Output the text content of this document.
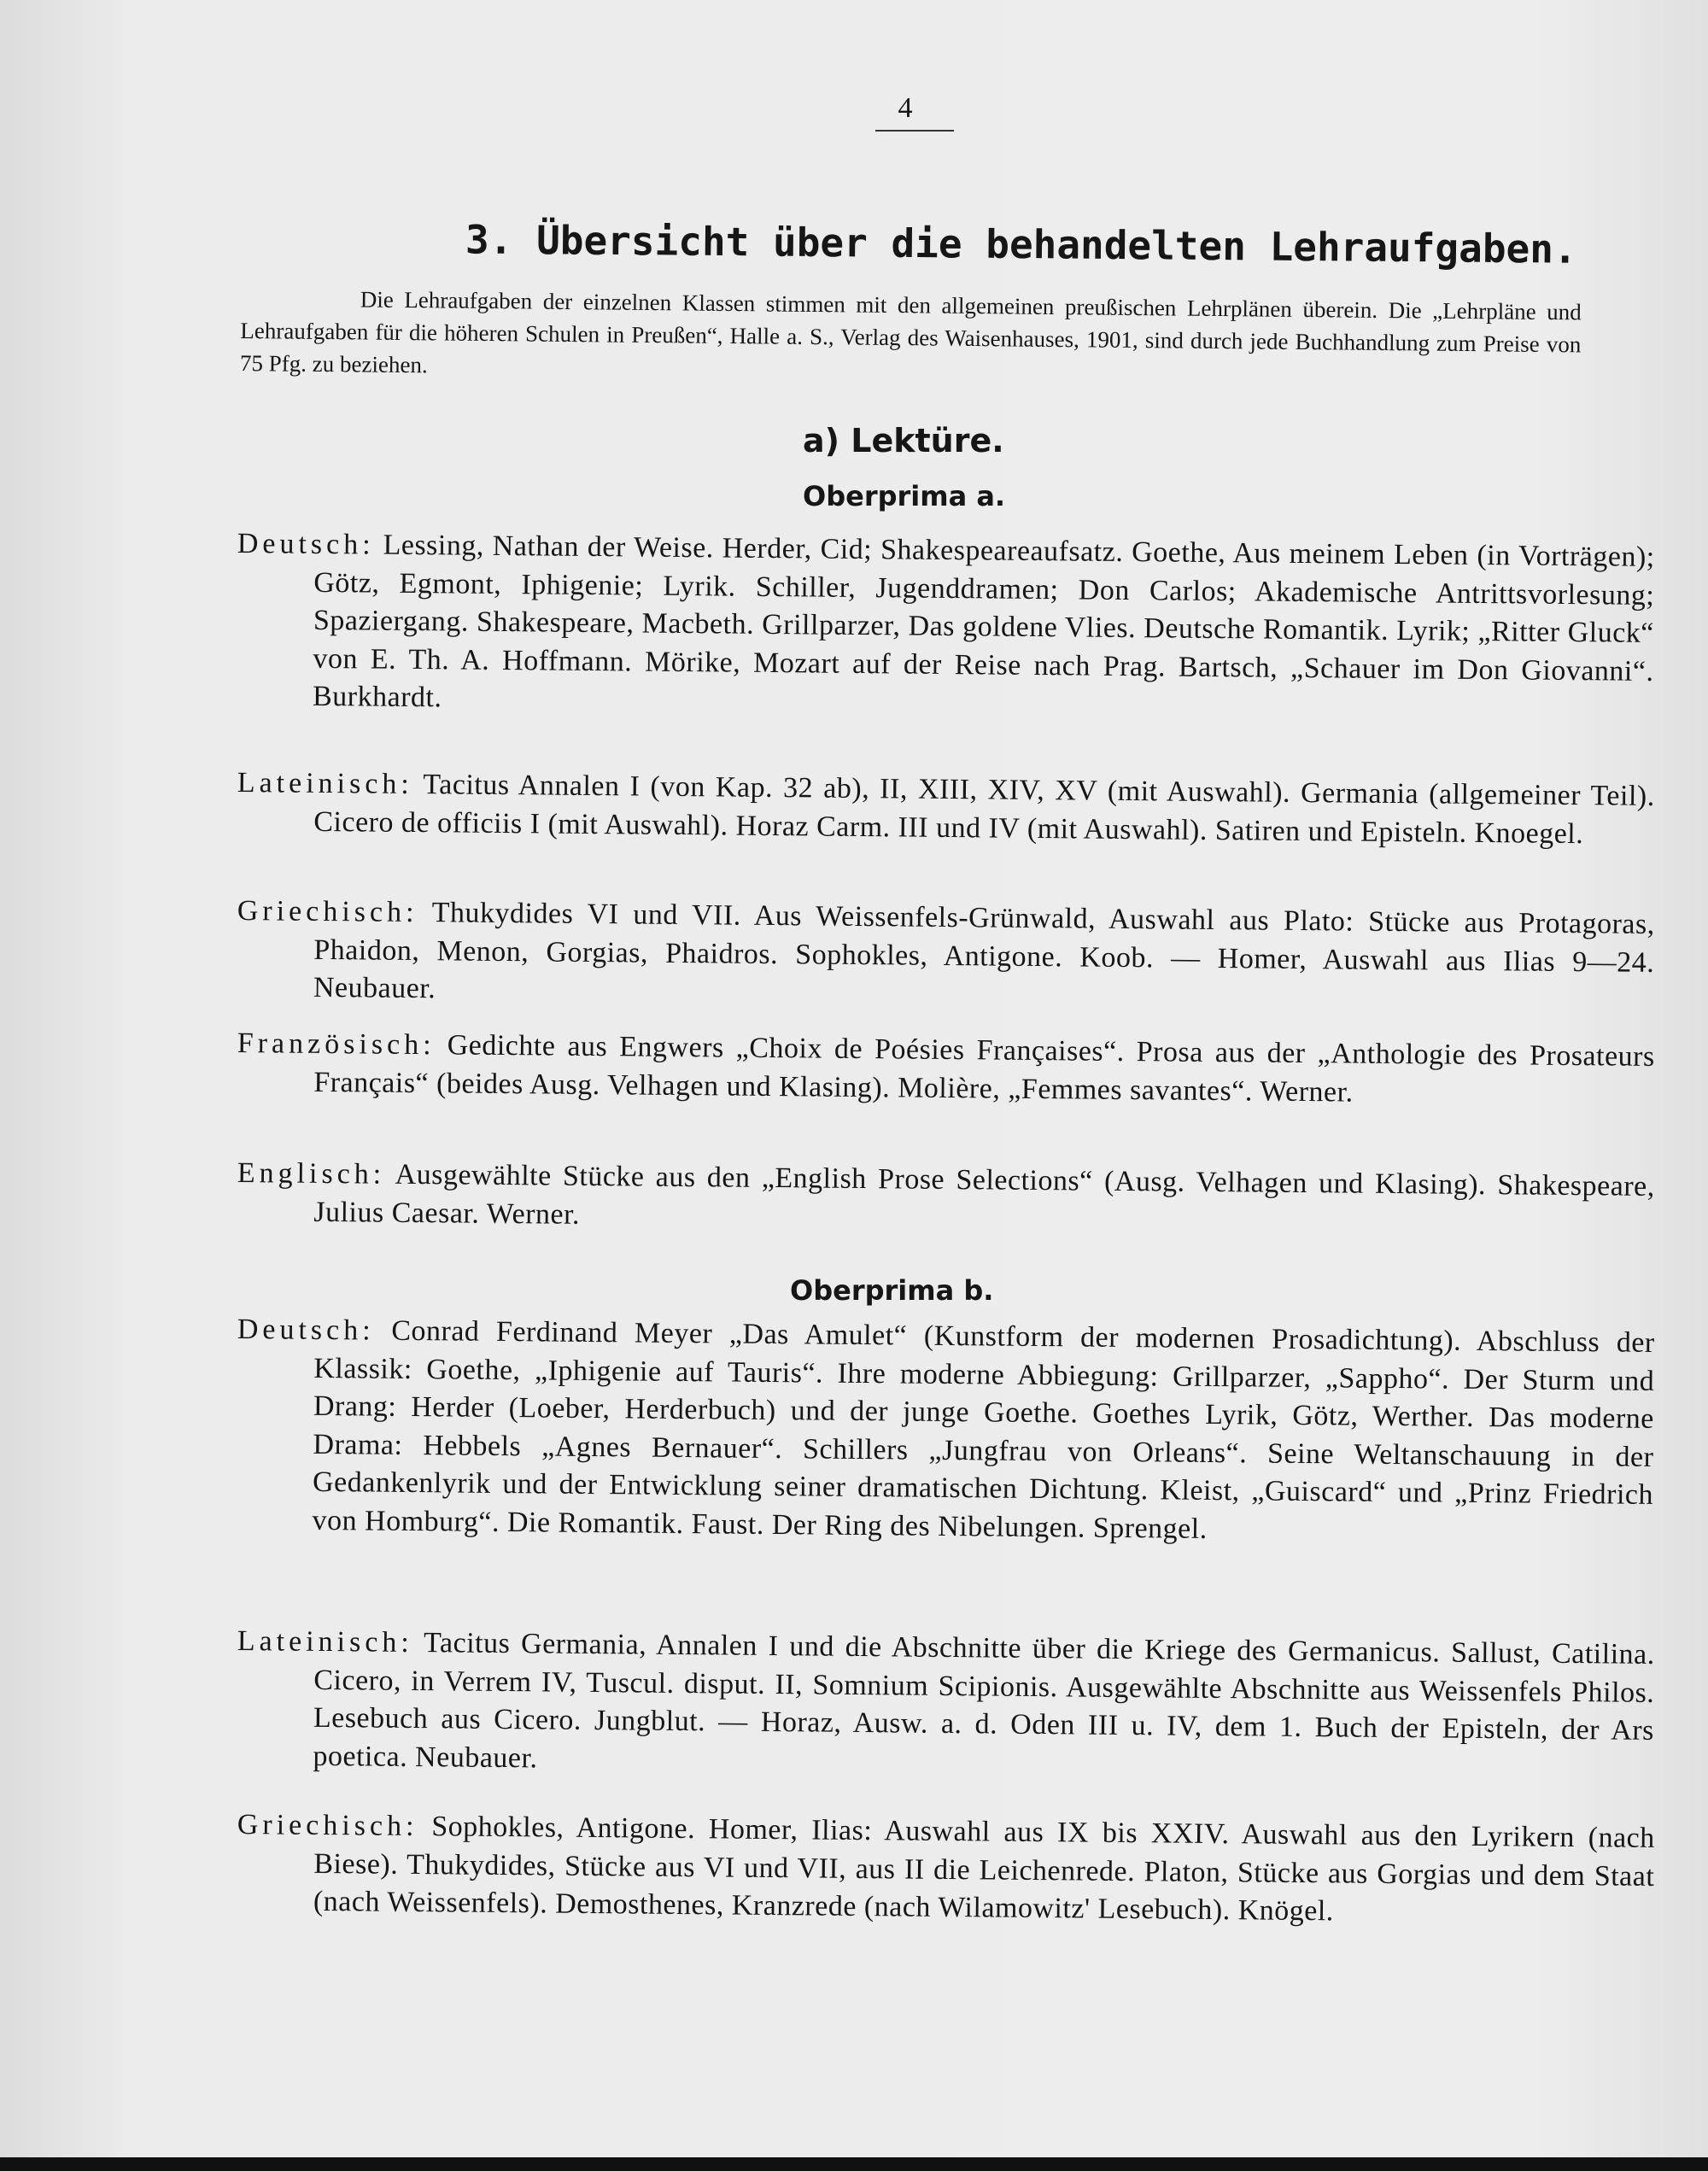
4
3. Übersicht über die behandelten Lehraufgaben.
Die Lehraufgaben der einzelnen Klassen stimmen mit den allgemeinen preußischen Lehrplänen überein. Die „Lehrpläne und Lehraufgaben für die höheren Schulen in Preußen“, Halle a. S., Verlag des Waisenhauses, 1901, sind durch jede Buchhandlung zum Preise von 75 Pfg. zu beziehen.
a) Lektüre.
Oberprima a.
Deutsch: Lessing, Nathan der Weise. Herder, Cid; Shakespeareaufsatz. Goethe, Aus meinem Leben (in Vorträgen); Götz, Egmont, Iphigenie; Lyrik. Schiller, Jugenddramen; Don Carlos; Akademische Antrittsvorlesung; Spaziergang. Shakespeare, Macbeth. Grillparzer, Das goldene Vlies. Deutsche Romantik. Lyrik; „Ritter Gluck“ von E. Th. A. Hoffmann. Mörike, Mozart auf der Reise nach Prag. Bartsch, „Schauer im Don Giovanni“. Burkhardt.
Lateinisch: Tacitus Annalen I (von Kap. 32 ab), II, XIII, XIV, XV (mit Auswahl). Germania (allgemeiner Teil). Cicero de officiis I (mit Auswahl). Horaz Carm. III und IV (mit Auswahl). Satiren und Episteln. Knoegel.
Griechisch: Thukydides VI und VII. Aus Weissenfels-Grünwald, Auswahl aus Plato: Stücke aus Protagoras, Phaidon, Menon, Gorgias, Phaidros. Sophokles, Antigone. Koob. — Homer, Auswahl aus Ilias 9—24. Neubauer.
Französisch: Gedichte aus Engwers „Choix de Poésies Françaises“. Prosa aus der „Anthologie des Prosateurs Français“ (beides Ausg. Velhagen und Klasing). Molière, „Femmes savantes“. Werner.
Englisch: Ausgewählte Stücke aus den „English Prose Selections“ (Ausg. Velhagen und Klasing). Shakespeare, Julius Caesar. Werner.
Oberprima b.
Deutsch: Conrad Ferdinand Meyer „Das Amulet“ (Kunstform der modernen Prosadichtung). Abschluss der Klassik: Goethe, „Iphigenie auf Tauris“. Ihre moderne Abbiegung: Grillparzer, „Sappho“. Der Sturm und Drang: Herder (Loeber, Herderbuch) und der junge Goethe. Goethes Lyrik, Götz, Werther. Das moderne Drama: Hebbels „Agnes Bernauer“. Schillers „Jungfrau von Orleans“. Seine Weltanschauung in der Gedankenlyrik und der Entwicklung seiner dramatischen Dichtung. Kleist, „Guiscard“ und „Prinz Friedrich von Homburg“. Die Romantik. Faust. Der Ring des Nibelungen. Sprengel.
Lateinisch: Tacitus Germania, Annalen I und die Abschnitte über die Kriege des Germanicus. Sallust, Catilina. Cicero, in Verrem IV, Tuscul. disput. II, Somnium Scipionis. Ausgewählte Abschnitte aus Weissenfels Philos. Lesebuch aus Cicero. Jungblut. — Horaz, Ausw. a. d. Oden III u. IV, dem 1. Buch der Episteln, der Ars poetica. Neubauer.
Griechisch: Sophokles, Antigone. Homer, Ilias: Auswahl aus IX bis XXIV. Auswahl aus den Lyrikern (nach Biese). Thukydides, Stücke aus VI und VII, aus II die Leichenrede. Platon, Stücke aus Gorgias und dem Staat (nach Weissenfels). Demosthenes, Kranzrede (nach Wilamowitz' Lesebuch). Knögel.
